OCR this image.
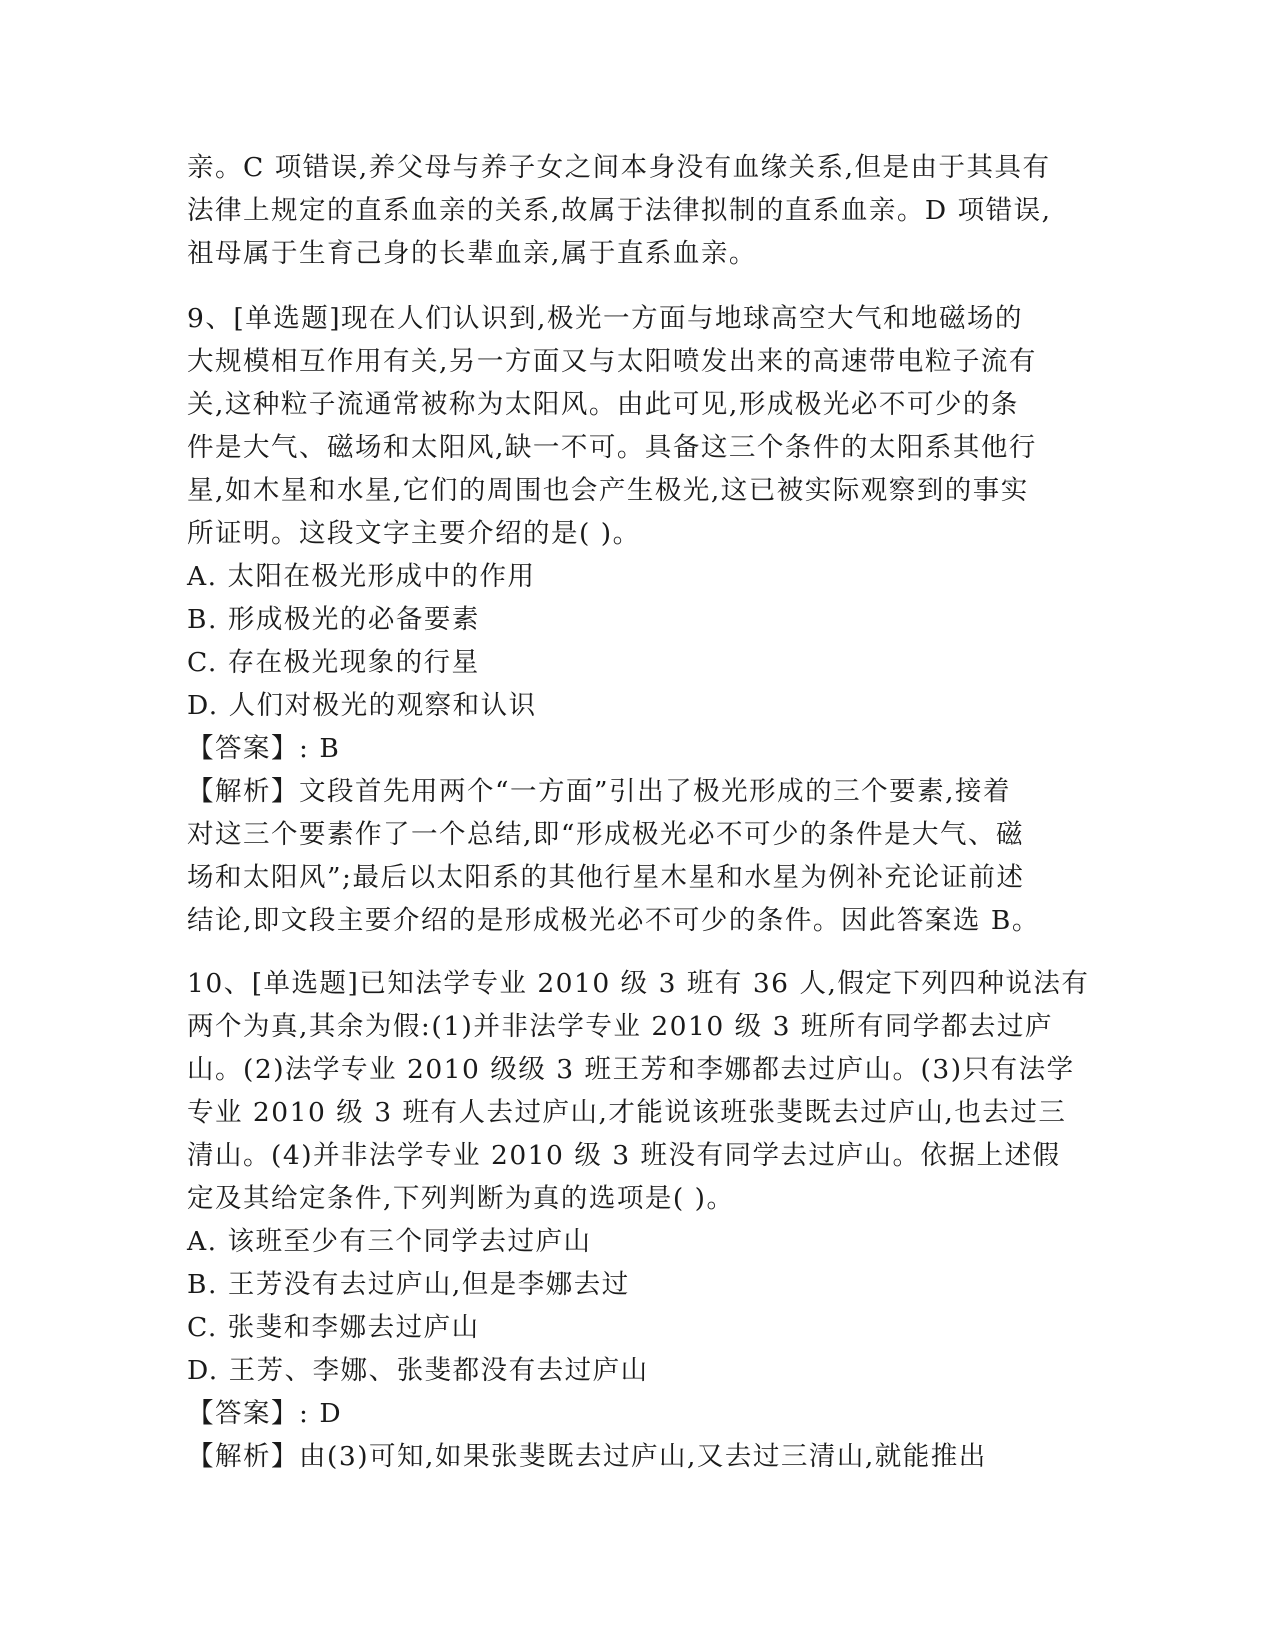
亲。C 项错误,养父母与养子女之间本身没有血缘关系,但是由于其具有
法律上规定的直系血亲的关系,故属于法律拟制的直系血亲。D 项错误,
祖母属于生育己身的长辈血亲,属于直系血亲。
9、[单选题]现在人们认识到,极光一方面与地球高空大气和地磁场的
大规模相互作用有关,另一方面又与太阳喷发出来的高速带电粒子流有
关,这种粒子流通常被称为太阳风。由此可见,形成极光必不可少的条
件是大气、磁场和太阳风,缺一不可。具备这三个条件的太阳系其他行
星,如木星和水星,它们的周围也会产生极光,这已被实际观察到的事实
所证明。这段文字主要介绍的是( )。
A. 太阳在极光形成中的作用
B. 形成极光的必备要素
C. 存在极光现象的行星
D. 人们对极光的观察和认识
【答案】: B
【解析】文段首先用两个“一方面”引出了极光形成的三个要素,接着
对这三个要素作了一个总结,即“形成极光必不可少的条件是大气、磁
场和太阳风”;最后以太阳系的其他行星木星和水星为例补充论证前述
结论,即文段主要介绍的是形成极光必不可少的条件。因此答案选 B。
10、[单选题]已知法学专业 2010 级 3 班有 36 人,假定下列四种说法有
两个为真,其余为假:(1)并非法学专业 2010 级 3 班所有同学都去过庐
山。(2)法学专业 2010 级级 3 班王芳和李娜都去过庐山。(3)只有法学
专业 2010 级 3 班有人去过庐山,才能说该班张斐既去过庐山,也去过三
清山。(4)并非法学专业 2010 级 3 班没有同学去过庐山。依据上述假
定及其给定条件,下列判断为真的选项是( )。
A. 该班至少有三个同学去过庐山
B. 王芳没有去过庐山,但是李娜去过
C. 张斐和李娜去过庐山
D. 王芳、李娜、张斐都没有去过庐山
【答案】: D
【解析】由(3)可知,如果张斐既去过庐山,又去过三清山,就能推出
